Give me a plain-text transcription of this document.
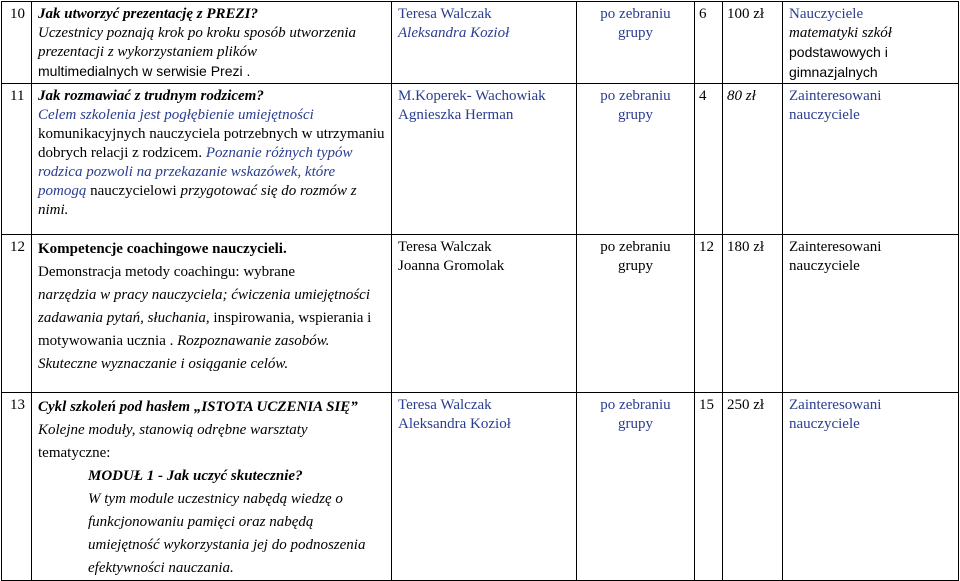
10	Jak utworzyć prezentację z PREZI?
Uczestnicy poznają krok po kroku sposób utworzenia prezentacji z wykorzystaniem plików
multimedialnych w serwisie Prezi .	Teresa Walczak
Aleksandra Kozioł	po zebraniu grupy	6	100 zł	Nauczyciele
matematyki szkół
podstawowych i gimnazjalnych
11	Jak rozmawiać z trudnym rodzicem?
Celem szkolenia jest pogłębienie umiejętności komunikacyjnych nauczyciela potrzebnych w utrzymaniu dobrych relacji z rodzicem. Poznanie różnych typów rodzica pozwoli na przekazanie wskazówek, które pomogą nauczycielowi przygotować się do rozmów z nimi.	M.Koperek- Wachowiak
Agnieszka Herman	po zebraniu grupy	4	80 zł	Zainteresowani nauczyciele
12	Kompetencje coachingowe nauczycieli.
Demonstracja metody coachingu: wybrane
narzędzia w pracy nauczyciela; ćwiczenia umiejętności zadawania pytań, słuchania, inspirowania, wspierania i motywowania ucznia . Rozpoznawanie zasobów. Skuteczne wyznaczanie i osiąganie celów.	Teresa Walczak
Joanna Gromolak	po zebraniu grupy	12	180 zł	Zainteresowani nauczyciele
13	Cykl szkoleń pod hasłem „ISTOTA UCZENIA SIĘ” Kolejne moduły, stanowią odrębne warsztaty
tematyczne:

MODUŁ 1 - Jak uczyć skutecznie?
W tym module uczestnicy nabędą wiedzę o funkcjonowaniu pamięci oraz nabędą umiejętność wykorzystania jej do podnoszenia efektywności nauczania.	Teresa Walczak
Aleksandra Kozioł	po zebraniu grupy	15	250 zł	Zainteresowani nauczyciele
